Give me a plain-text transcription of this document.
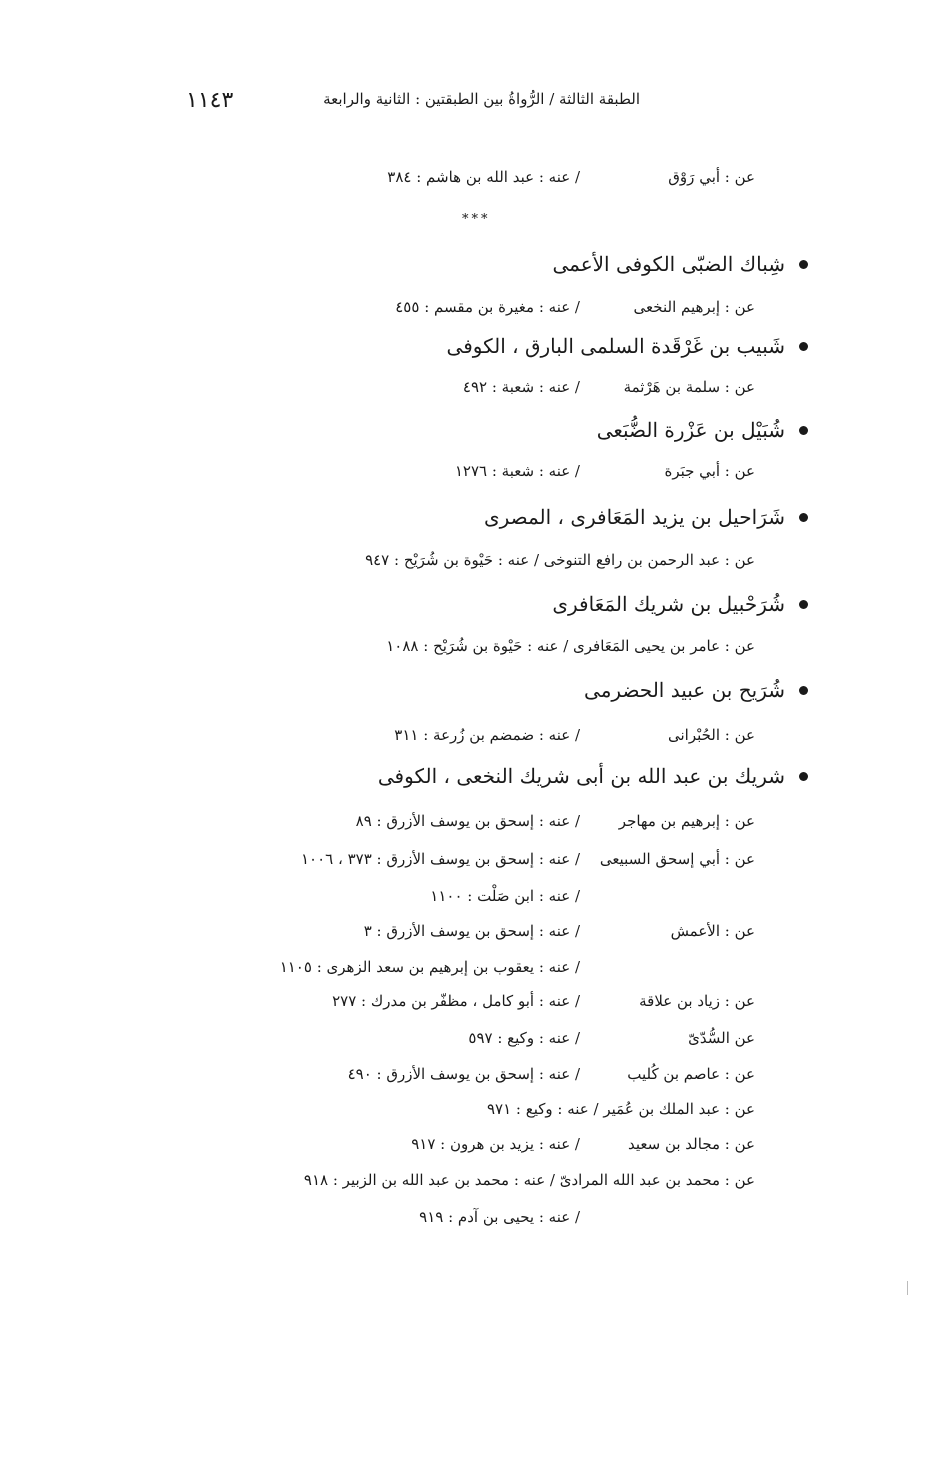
١١٤٣	الطبقة الثالثة / الرُّواةُ بين الطبقتين : الثانية والرابعة
عن : أبي رَوْق
/ عنه : عبد الله بن هاشم : ٣٨٤
***
شِباك الضبّى الكوفى الأعمى
عن : إبرهيم النخعى
/ عنه : مغيرة بن مقسم : ٤٥٥
شَبيب بن غَرْقَدة السلمى البارق ، الكوفى
عن : سلمة بن هَرْثمة
/ عنه : شعبة : ٤٩٢
شُبَيْل بن عَزْرة الضُّبَعى
عن : أبي جبَرة
/ عنه : شعبة : ١٢٧٦
شَرَاحيل بن يزيد المَعَافرى ، المصرى
عن : عبد الرحمن بن رافع التنوخى / عنه : حَيْوة بن شُرَيْح : ٩٤٧
شُرَحْبيل بن شريك المَعَافرى
عن : عامر بن يحيى المَعَافرى / عنه : حَيْوة بن شُرَيْح : ١٠٨٨
شُرَيح بن عبيد الحضرمى
عن : الحُبْرانى
/ عنه : ضمضم بن زُرعة : ٣١١
شريك بن عبد الله بن أبى شريك النخعى ، الكوفى
عن : إبرهيم بن مهاجر
/ عنه : إسحق بن يوسف الأزرق : ٨٩
عن : أبي إسحق السبيعى
/ عنه : إسحق بن يوسف الأزرق : ٣٧٣ ، ١٠٠٦
/ عنه : ابن صَلْت : ١١٠٠
عن : الأعمش
/ عنه : إسحق بن يوسف الأزرق : ٣
/ عنه : يعقوب بن إبرهيم بن سعد الزهرى : ١١٠٥
عن : زياد بن علاقة
/ عنه : أبو كامل ، مظفّر بن مدرك : ٢٧٧
عن السُّدّىّ
/ عنه : وكيع : ٥٩٧
عن : عاصم بن كُليب
/ عنه : إسحق بن يوسف الأزرق : ٤٩٠
عن : عبد الملك بن عُمَير / عنه : وكيع : ٩٧١
عن : مجالد بن سعيد
/ عنه : يزيد بن هرون : ٩١٧
عن : محمد بن عبد الله المرادىّ / عنه : محمد بن عبد الله بن الزبير : ٩١٨
/ عنه : يحيى بن آدم : ٩١٩
